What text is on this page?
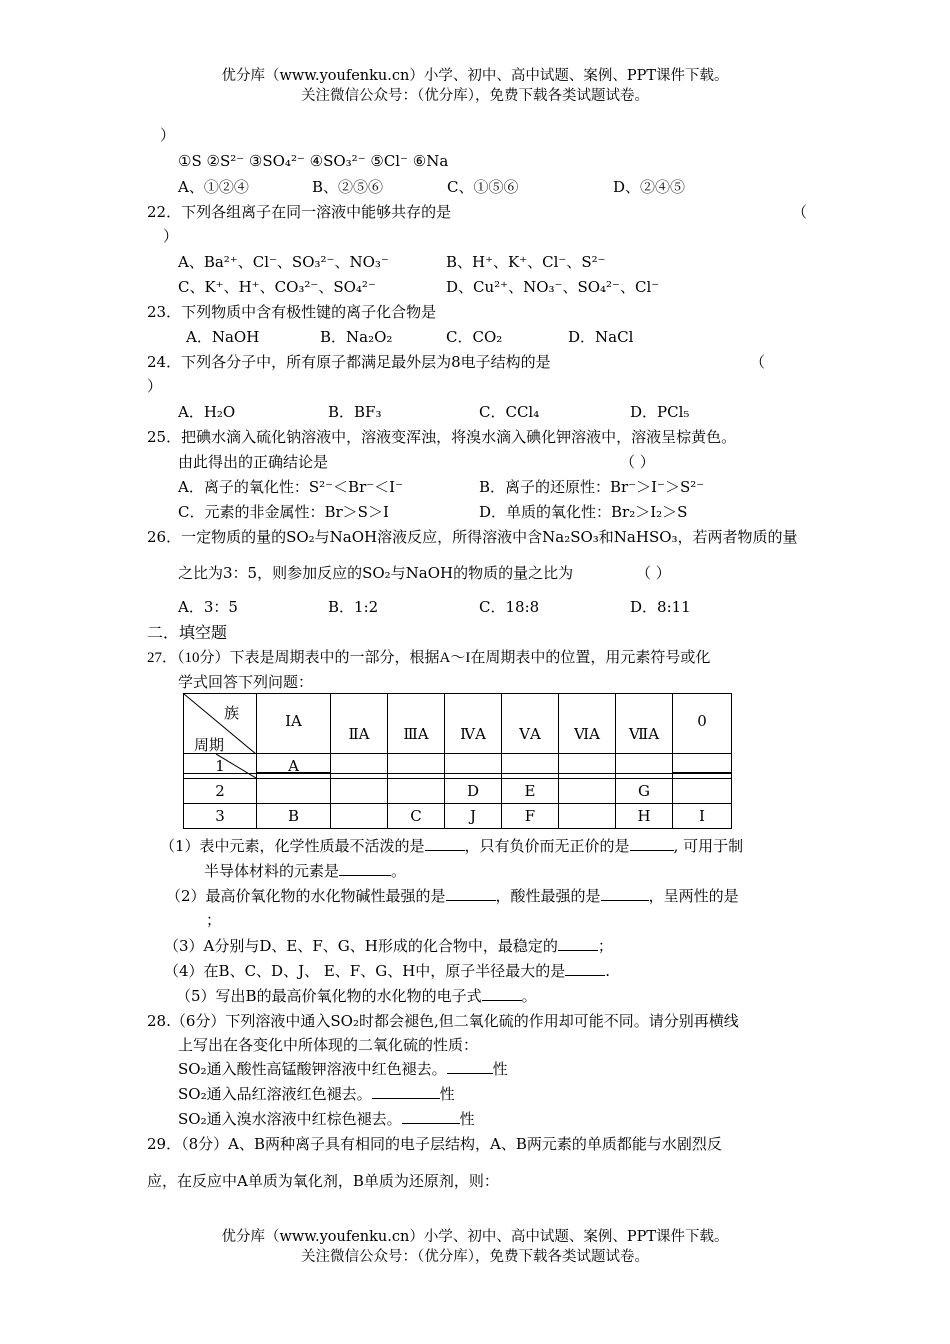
优分库（www.youfenku.cn）小学、初中、高中试题、案例、PPT课件下载。
关注微信公众号：（优分库），免费下载各类试题试卷。
）
①S ②S²⁻ ③SO₄²⁻ ④SO₃²⁻ ⑤Cl⁻ ⑥Na
A、①②④	B、②⑤⑥	C、①⑤⑥	D、②④⑤
22．下列各组离子在同一溶液中能够共存的是	（
）
A、Ba²⁺、Cl⁻、SO₃²⁻、NO₃⁻	B、H⁺、K⁺、Cl⁻、S²⁻
C、K⁺、H⁺、CO₃²⁻、SO₄²⁻	D、Cu²⁺、NO₃⁻、SO₄²⁻、Cl⁻
23．下列物质中含有极性键的离子化合物是
A．NaOH	B．Na₂O₂	C．CO₂	D．NaCl
24．下列各分子中，所有原子都满足最外层为8电子结构的是	（
）
A．H₂O	B．BF₃	C．CCl₄	D．PCl₅
25．把碘水滴入硫化钠溶液中，溶液变浑浊，将溴水滴入碘化钾溶液中，溶液呈棕黄色。
由此得出的正确结论是	（ ）
A．离子的氧化性：S²⁻＜Br⁻＜I⁻	B．离子的还原性：Br⁻＞I⁻＞S²⁻
C．元素的非金属性：Br＞S＞I	D．单质的氧化性：Br₂＞I₂＞S
26．一定物质的量的SO₂与NaOH溶液反应，所得溶液中含Na₂SO₃和NaHSO₃，若两者物质的量
之比为3：5，则参加反应的SO₂与NaOH的物质的量之比为	（ ）
A．3：5	B．1:2	C．18:8	D．8:11
二．填空题
27．（10分）下表是周期表中的一部分，根据A～I在周期表中的位置，用元素符号或化
学式回答下列问题：
族
周期	ⅠA	ⅡA	ⅢA	ⅣA	ⅤA	ⅥA	ⅦA	0

1	A							
2				D	E		G	
3	B		C	J	F		H	I
（1）表中元素，化学性质最不活泼的是	，只有负价而无正价的是	, 可用于制
半导体材料的元素是	。
（2）最高价氧化物的水化物碱性最强的是	，酸性最强的是	，呈两性的是
；
（3）A分别与D、E、F、G、H形成的化合物中，最稳定的	；
（4）在B、C、D、J、 E、F、G、H中，原子半径最大的是	.
（5）写出B的最高价氧化物的水化物的电子式	。
28.（6分）下列溶液中通入SO₂时都会褪色,但二氧化硫的作用却可能不同。请分别再横线
上写出在各变化中所体现的二氧化硫的性质：
SO₂通入酸性高锰酸钾溶液中红色褪去。	性
SO₂通入品红溶液红色褪去。	性
SO₂通入溴水溶液中红棕色褪去。	性
29．（8分）A、B两种离子具有相同的电子层结构，A、B两元素的单质都能与水剧烈反
应，在反应中A单质为氧化剂，B单质为还原剂，则：
优分库（www.youfenku.cn）小学、初中、高中试题、案例、PPT课件下载。
关注微信公众号：（优分库），免费下载各类试题试卷。
